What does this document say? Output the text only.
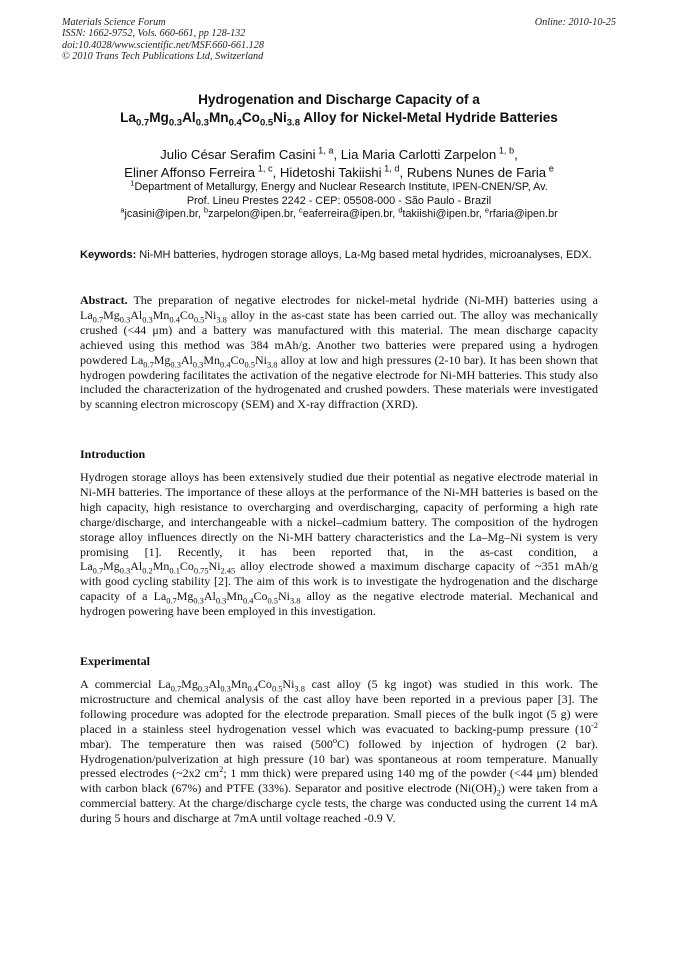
Materials Science Forum
ISSN: 1662-9752, Vols. 660-661, pp 128-132
doi:10.4028/www.scientific.net/MSF.660-661.128
© 2010 Trans Tech Publications Ltd, Switzerland
Online: 2010-10-25
Hydrogenation and Discharge Capacity of a
$La_{0.7}Mg_{0.3}Al_{0.3}Mn_{0.4}Co_{0.5}Ni_{3.8}$ Alloy for Nickel-Metal Hydride Batteries
Julio César Serafim Casini $^{1, a}$, Lia Maria Carlotti Zarpelon $^{1, b}$,
Eliner Affonso Ferreira $^{1, c}$, Hidetoshi Takiishi $^{1, d}$, Rubens Nunes de Faria $^e$
$^1$Department of Metallurgy, Energy and Nuclear Research Institute, IPEN-CNEN/SP, Av.
Prof. Lineu Prestes 2242 - CEP: 05508-000 - São Paulo - Brazil
$^a$jcasini@ipen.br, $^b$zarpelon@ipen.br, $^c$eaferreira@ipen.br, $^d$takiishi@ipen.br, $^e$rfaria@ipen.br
Keywords: Ni-MH batteries, hydrogen storage alloys, La-Mg based metal hydrides, microanalyses, EDX.

Abstract. The preparation of negative electrodes for nickel-metal hydride (Ni-MH) batteries using a $La_{0.7}Mg_{0.3}Al_{0.3}Mn_{0.4}Co_{0.5}Ni_{3.8}$ alloy in the as-cast state has been carried out. The alloy was mechanically crushed (<44 μm) and a battery was manufactured with this material. The mean discharge capacity achieved using this method was 384 mAh/g. Another two batteries were prepared using a hydrogen powdered $La_{0.7}Mg_{0.3}Al_{0.3}Mn_{0.4}Co_{0.5}Ni_{3.8}$ alloy at low and high pressures (2-10 bar). It has been shown that hydrogen powdering facilitates the activation of the negative electrode for Ni-MH batteries. This study also included the characterization of the hydrogenated and crushed powders. These materials were investigated by scanning electron microscopy (SEM) and X-ray diffraction (XRD).

Introduction

Hydrogen storage alloys has been extensively studied due their potential as negative electrode material in Ni-MH batteries. The importance of these alloys at the performance of the Ni-MH batteries is based on the high capacity, high resistance to overcharging and overdischarging, capacity of performing a high rate charge/discharge, and interchangeable with a nickel–cadmium battery. The composition of the hydrogen storage alloy influences directly on the Ni-MH battery characteristics and the La–Mg–Ni system is very promising [1]. Recently, it has been reported that, in the as-cast condition, a $La_{0.7}Mg_{0.3}Al_{0.2}Mn_{0.1}Co_{0.75}Ni_{2.45}$ alloy electrode showed a maximum discharge capacity of ~351 mAh/g with good cycling stability [2]. The aim of this work is to investigate the hydrogenation and the discharge capacity of a $La_{0.7}Mg_{0.3}Al_{0.3}Mn_{0.4}Co_{0.5}Ni_{3.8}$ alloy as the negative electrode material. Mechanical and hydrogen powering have been employed in this investigation.

Experimental

A commercial $La_{0.7}Mg_{0.3}Al_{0.3}Mn_{0.4}Co_{0.5}Ni_{3.8}$ cast alloy (5 kg ingot) was studied in this work. The microstructure and chemical analysis of the cast alloy have been reported in a previous paper [3]. The following procedure was adopted for the electrode preparation. Small pieces of the bulk ingot (5 g) were placed in a stainless steel hydrogenation vessel which was evacuated to backing-pump pressure ($10^{-2}$ mbar). The temperature then was raised (500$^o$C) followed by injection of hydrogen (2 bar). Hydrogenation/pulverization at high pressure (10 bar) was spontaneous at room temperature. Manually pressed electrodes (~2x2 $cm^2$; 1 mm thick) were prepared using 140 mg of the powder (<44 μm) blended with carbon black (67%) and PTFE (33%). Separator and positive electrode $(Ni(OH)_2)$ were taken from a commercial battery. At the charge/discharge cycle tests, the charge was conducted using the current 14 mA during 5 hours and discharge at 7mA until voltage reached -0.9 V.
